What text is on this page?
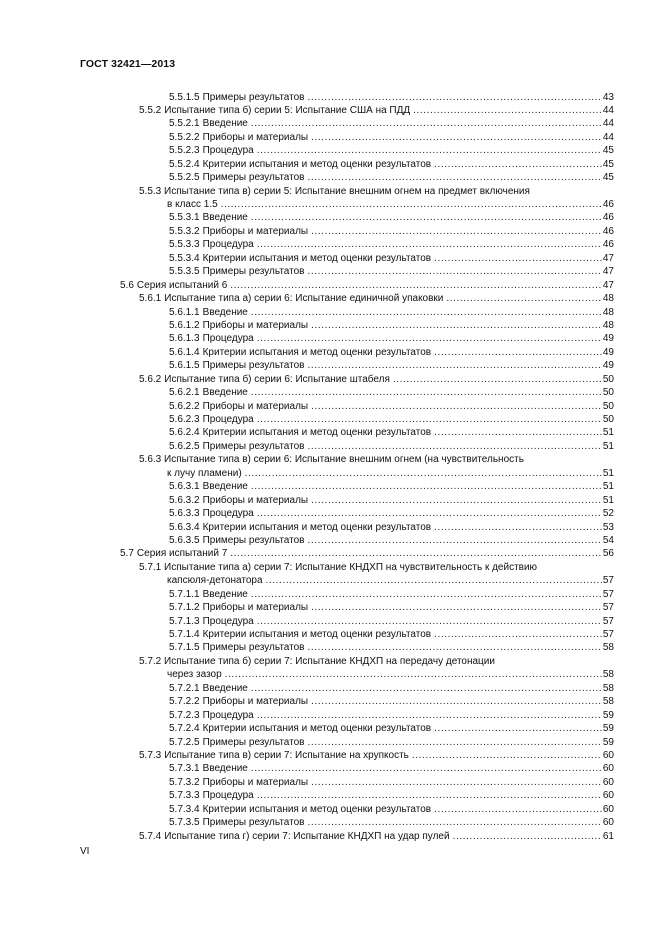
ГОСТ 32421—2013
5.5.1.5 Примеры результатов .....	43
5.5.2 Испытание типа б) серии 5: Испытание США на ПДД .....	44
5.5.2.1 Введение .....	44
5.5.2.2 Приборы и материалы .....	44
5.5.2.3 Процедура .....	45
5.5.2.4 Критерии испытания и метод оценки результатов .....	45
5.5.2.5 Примеры результатов .....	45
5.5.3 Испытание типа в) серии 5: Испытание внешним огнем на предмет включения
в класс 1.5 .....	46
5.5.3.1 Введение .....	46
5.5.3.2 Приборы и материалы .....	46
5.5.3.3 Процедура .....	46
5.5.3.4 Критерии испытания и метод оценки результатов .....	47
5.5.3.5 Примеры результатов .....	47
5.6 Серия испытаний 6 .....	47
5.6.1 Испытание типа а) серии 6: Испытание единичной упаковки .....	48
5.6.1.1 Введение .....	48
5.6.1.2 Приборы и материалы .....	48
5.6.1.3 Процедура .....	49
5.6.1.4 Критерии испытания и метод оценки результатов .....	49
5.6.1.5 Примеры результатов .....	49
5.6.2 Испытание типа б) серии 6: Испытание штабеля .....	50
5.6.2.1 Введение .....	50
5.6.2.2 Приборы и материалы .....	50
5.6.2.3 Процедура .....	50
5.6.2.4 Критерии испытания и метод оценки результатов .....	51
5.6.2.5 Примеры результатов .....	51
5.6.3 Испытание типа в) серии 6: Испытание внешним огнем (на чувствительность
к лучу пламени) .....	51
5.6.3.1 Введение .....	51
5.6.3.2 Приборы и материалы .....	51
5.6.3.3 Процедура .....	52
5.6.3.4 Критерии испытания и метод оценки результатов .....	53
5.6.3.5 Примеры результатов .....	54
5.7 Серия испытаний 7 .....	56
5.7.1 Испытание типа а) серии 7: Испытание КНДХП на чувствительность к действию
капсюля-детонатора .....	57
5.7.1.1 Введение .....	57
5.7.1.2 Приборы и материалы .....	57
5.7.1.3 Процедура .....	57
5.7.1.4 Критерии испытания и метод оценки результатов .....	57
5.7.1.5 Примеры результатов .....	58
5.7.2 Испытание типа б) серии 7: Испытание КНДХП на передачу детонации
через зазор .....	58
5.7.2.1 Введение .....	58
5.7.2.2 Приборы и материалы .....	58
5.7.2.3 Процедура .....	59
5.7.2.4 Критерии испытания и метод оценки результатов .....	59
5.7.2.5 Примеры результатов .....	59
5.7.3 Испытание типа в) серии 7: Испытание на хрупкость .....	60
5.7.3.1 Введение .....	60
5.7.3.2 Приборы и материалы .....	60
5.7.3.3 Процедура .....	60
5.7.3.4 Критерии испытания и метод оценки результатов .....	60
5.7.3.5 Примеры результатов .....	60
5.7.4 Испытание типа г) серии 7: Испытание КНДХП на удар пулей .....	61
VI
